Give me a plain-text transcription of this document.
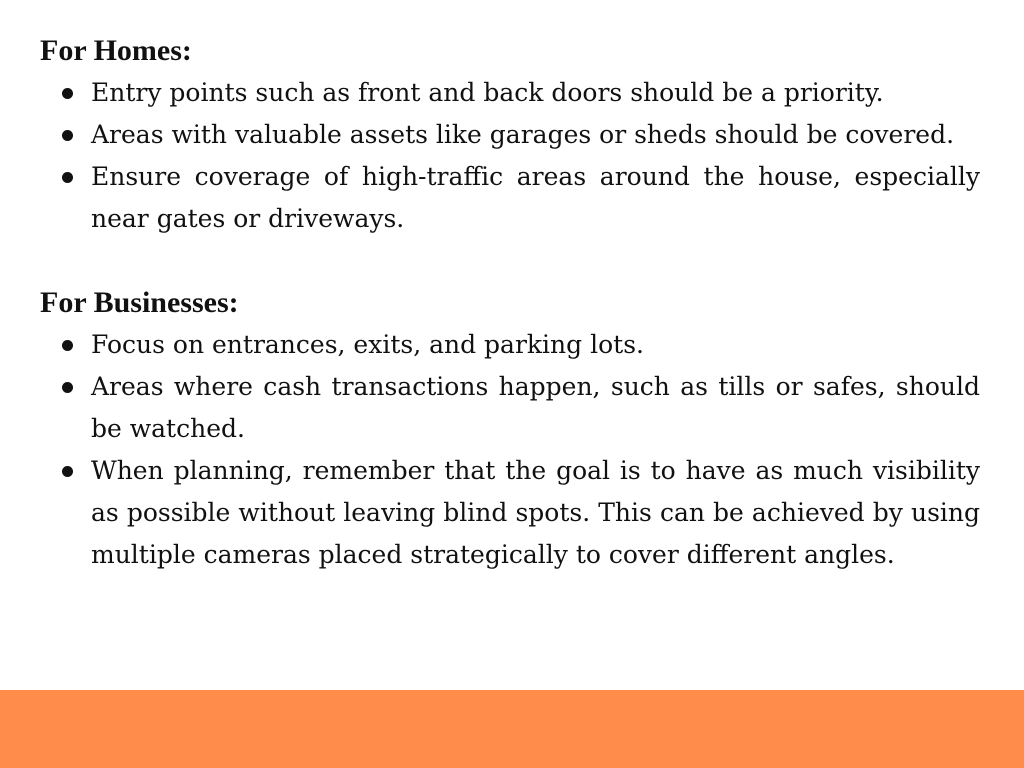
For Homes:
Entry points such as front and back doors should be a priority.
Areas with valuable assets like garages or sheds should be covered.
Ensure coverage of high-traffic areas around the house, especially near gates or driveways.
For Businesses:
Focus on entrances, exits, and parking lots.
Areas where cash transactions happen, such as tills or safes, should be watched.
When planning, remember that the goal is to have as much visibility as possible without leaving blind spots. This can be achieved by using multiple cameras placed strategically to cover different angles.
